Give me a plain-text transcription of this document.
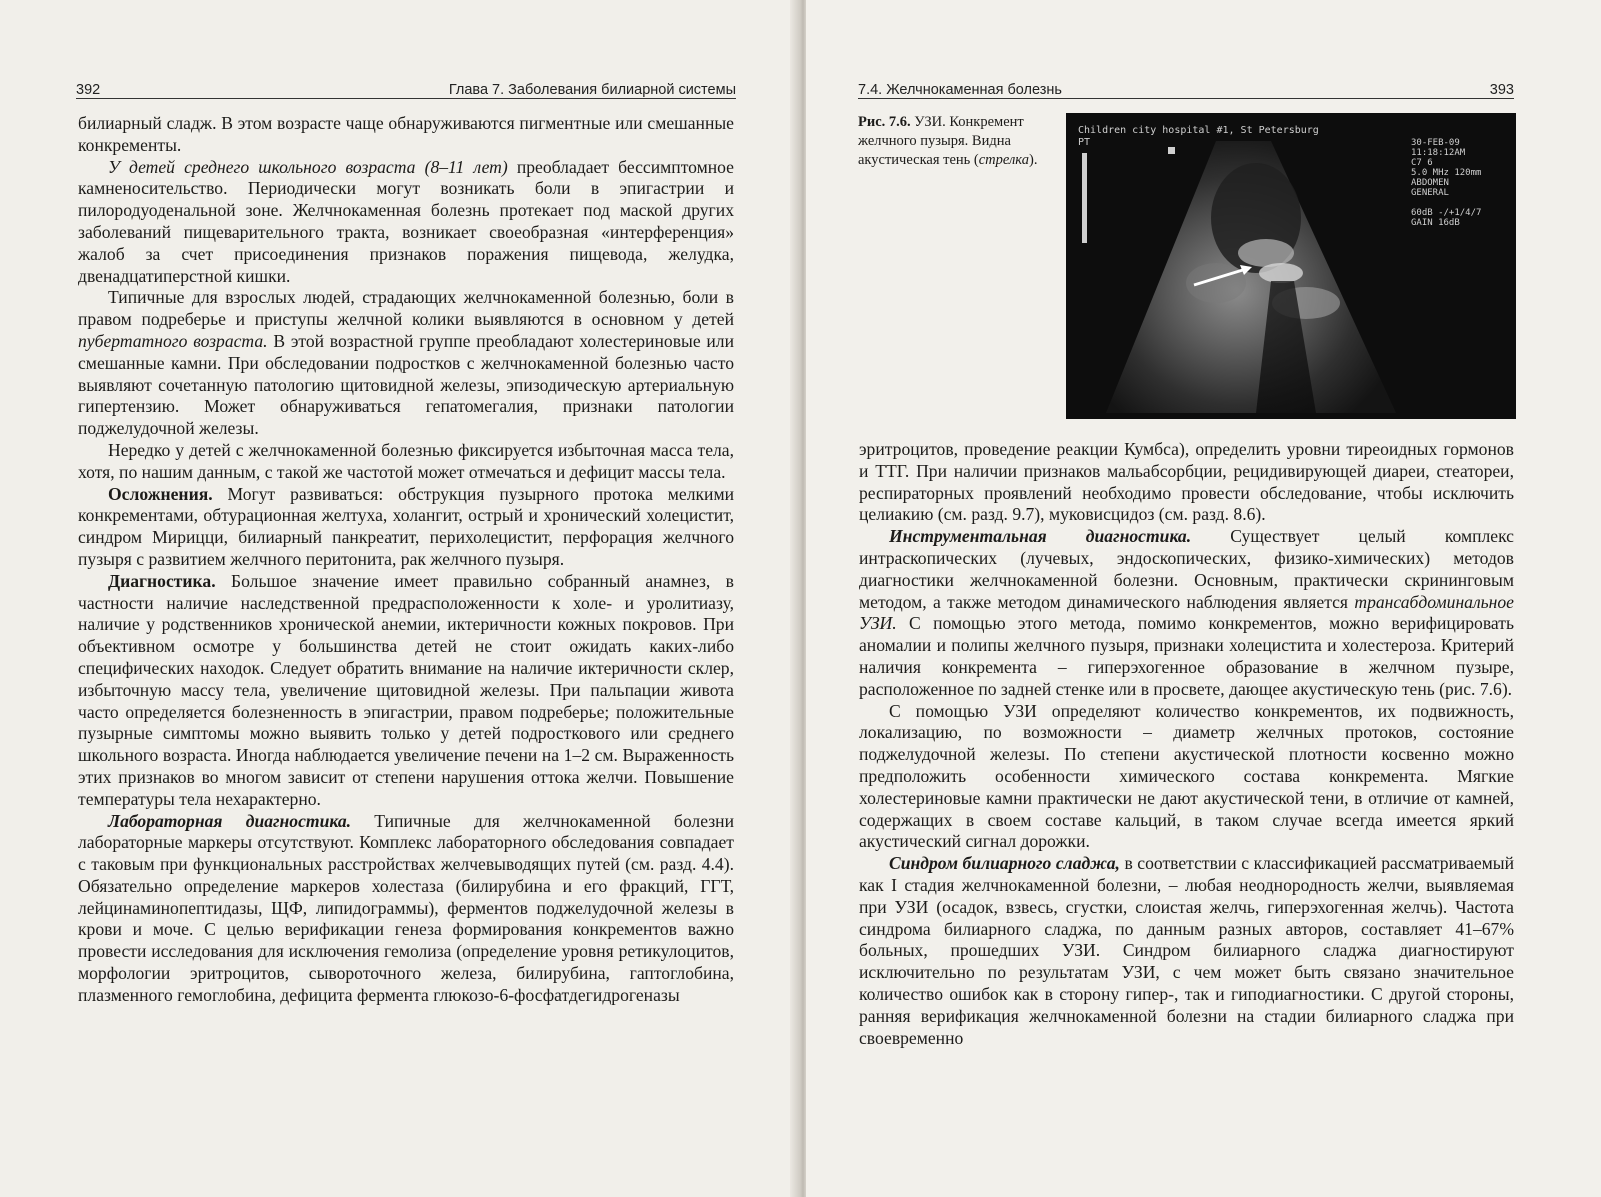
392	Глава 7. Заболевания билиарной системы

билиарный сладж. В этом возрасте чаще обнаруживаются пигментные или смешанные конкременты.

У детей среднего школьного возраста (8–11 лет) преобладает бессимптомное камненосительство. Периодически могут возникать боли в эпигастрии и пилородуоденальной зоне. Желчнокаменная болезнь протекает под маской других заболеваний пищеварительного тракта, возникает своеобразная «интерференция» жалоб за счет присоединения признаков поражения пищевода, желудка, двенадцатиперстной кишки.

Типичные для взрослых людей, страдающих желчнокаменной болезнью, боли в правом подреберье и приступы желчной колики выявляются в основном у детей пубертатного возраста. В этой возрастной группе преобладают холестериновые или смешанные камни. При обследовании подростков с желчнокаменной болезнью часто выявляют сочетанную патологию щитовидной железы, эпизодическую артериальную гипертензию. Может обнаруживаться гепатомегалия, признаки патологии поджелудочной железы.

Нередко у детей с желчнокаменной болезнью фиксируется избыточная масса тела, хотя, по нашим данным, с такой же частотой может отмечаться и дефицит массы тела.

Осложнения. Могут развиваться: обструкция пузырного протока мелкими конкрементами, обтурационная желтуха, холангит, острый и хронический холецистит, синдром Мирицци, билиарный панкреатит, перихолецистит, перфорация желчного пузыря с развитием желчного перитонита, рак желчного пузыря.

Диагностика. Большое значение имеет правильно собранный анамнез, в частности наличие наследственной предрасположенности к холе- и уролитиазу, наличие у родственников хронической анемии, иктеричности кожных покровов. При объективном осмотре у большинства детей не стоит ожидать каких-либо специфических находок. Следует обратить внимание на наличие иктеричности склер, избыточную массу тела, увеличение щитовидной железы. При пальпации живота часто определяется болезненность в эпигастрии, правом подреберье; положительные пузырные симптомы можно выявить только у детей подросткового или среднего школьного возраста. Иногда наблюдается увеличение печени на 1–2 см. Выраженность этих признаков во многом зависит от степени нарушения оттока желчи. Повышение температуры тела нехарактерно.

Лабораторная диагностика. Типичные для желчнокаменной болезни лабораторные маркеры отсутствуют. Комплекс лабораторного обследования совпадает с таковым при функциональных расстройствах желчевыводящих путей (см. разд. 4.4). Обязательно определение маркеров холестаза (билирубина и его фракций, ГГТ, лейцинаминопептидазы, ЩФ, липидограммы), ферментов поджелудочной железы в крови и моче. С целью верификации генеза формирования конкрементов важно провести исследования для исключения гемолиза (определение уровня ретикулоцитов, морфологии эритроцитов, сывороточного железа, билирубина, гаптоглобина, плазменного гемоглобина, дефицита фермента глюкозо-6-фосфатдегидрогеназы

7.4. Желчнокаменная болезнь	393
Рис. 7.6. УЗИ. Конкремент желчного пузыря. Видна акустическая тень (стрелка).
Children city hospital #1, St Petersburg
PT	30-FEB-09
11:18:12AM
C7 6
5.0 MHz 120mm
ABDOMEN
GENERAL
60dB -/+1/4/7
GAIN 16dB

эритроцитов, проведение реакции Кумбса), определить уровни тиреоидных гормонов и ТТГ. При наличии признаков мальабсорбции, рецидивирующей диареи, стеатореи, респираторных проявлений необходимо провести обследование, чтобы исключить целиакию (см. разд. 9.7), муковисцидоз (см. разд. 8.6).

Инструментальная диагностика. Существует целый комплекс интраскопических (лучевых, эндоскопических, физико-химических) методов диагностики желчнокаменной болезни. Основным, практически скрининговым методом, а также методом динамического наблюдения является трансабдоминальное УЗИ. С помощью этого метода, помимо конкрементов, можно верифицировать аномалии и полипы желчного пузыря, признаки холецистита и холестероза. Критерий наличия конкремента – гиперэхогенное образование в желчном пузыре, расположенное по задней стенке или в просвете, дающее акустическую тень (рис. 7.6).

С помощью УЗИ определяют количество конкрементов, их подвижность, локализацию, по возможности – диаметр желчных протоков, состояние поджелудочной железы. По степени акустической плотности косвенно можно предположить особенности химического состава конкремента. Мягкие холестериновые камни практически не дают акустической тени, в отличие от камней, содержащих в своем составе кальций, в таком случае всегда имеется яркий акустический сигнал дорожки.

Синдром билиарного сладжа, в соответствии с классификацией рассматриваемый как I стадия желчнокаменной болезни, – любая неоднородность желчи, выявляемая при УЗИ (осадок, взвесь, сгустки, слоистая желчь, гиперэхогенная желчь). Частота синдрома билиарного сладжа, по данным разных авторов, составляет 41–67% больных, прошедших УЗИ. Синдром билиарного сладжа диагностируют исключительно по результатам УЗИ, с чем может быть связано значительное количество ошибок как в сторону гипер-, так и гиподиагностики. С другой стороны, ранняя верификация желчнокаменной болезни на стадии билиарного сладжа при своевременно
